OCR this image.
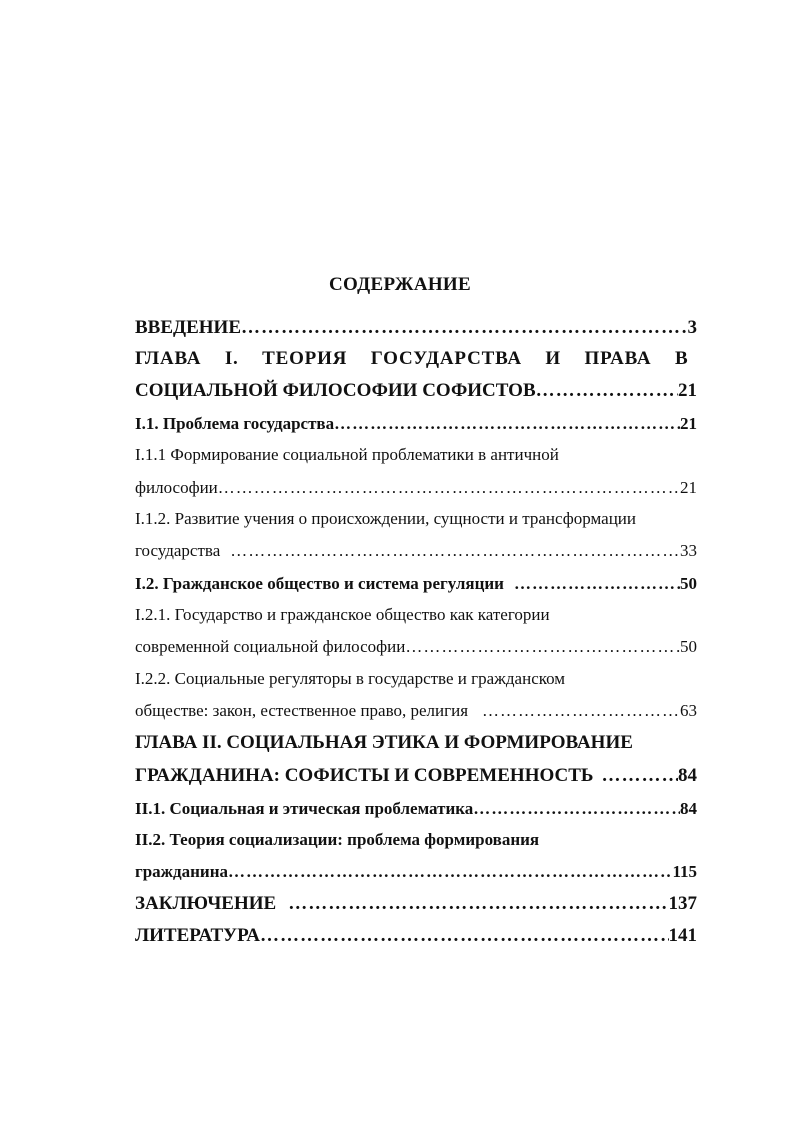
СОДЕРЖАНИЕ
ВВЕДЕНИЕ …………………………………………………………………………………………………………………………………………………………………………………………………………	3
ГЛАВА I. ТЕОРИЯ ГОСУДАРСТВА И ПРАВА В
СОЦИАЛЬНОЙ ФИЛОСОФИИ СОФИСТОВ …………………………………………………………………………………………………………………………………………………………………………………………………………	21
I.1. Проблема государства …………………………………………………………………………………………………………………………………………………………………………………………………………	21
I.1.1 Формирование социальной проблематики в античной
философии …………………………………………………………………………………………………………………………………………………………………………………………………………	21
I.1.2. Развитие учения о происхождении, сущности и трансформации
государства …………………………………………………………………………………………………………………………………………………………………………………………………………	33
I.2. Гражданское общество и система регуляции …………………………………………………………………………………………………………………………………………………………………………………………………………	50
I.2.1. Государство и гражданское общество как категории
современной социальной философии …………………………………………………………………………………………………………………………………………………………………………………………………………	50
I.2.2. Социальные регуляторы в государстве и гражданском
обществе: закон, естественное право, религия …………………………………………………………………………………………………………………………………………………………………………………………………………	63
ГЛАВА II. СОЦИАЛЬНАЯ ЭТИКА И ФОРМИРОВАНИЕ
ГРАЖДАНИНА: СОФИСТЫ И СОВРЕМЕННОСТЬ …………………………………………………………………………………………………………………………………………………………………………………………………………	84
II.1. Социальная и этическая проблематика …………………………………………………………………………………………………………………………………………………………………………………………………………	84
II.2. Теория социализации: проблема формирования
гражданина …………………………………………………………………………………………………………………………………………………………………………………………………………	115
ЗАКЛЮЧЕНИЕ …………………………………………………………………………………………………………………………………………………………………………………………………………	137
ЛИТЕРАТУРА …………………………………………………………………………………………………………………………………………………………………………………………………………	141
